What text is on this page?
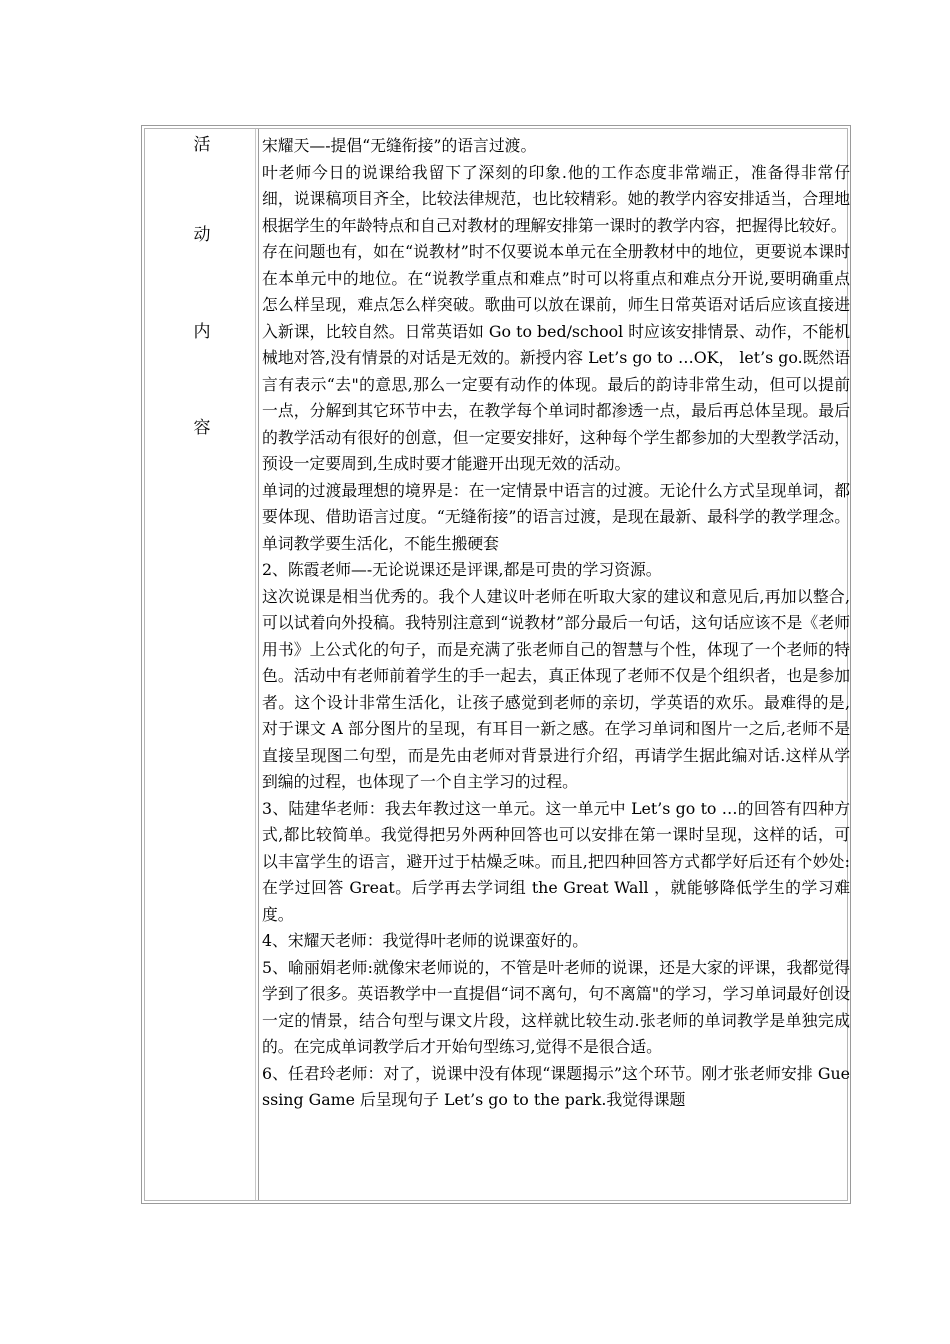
活
动
内
容

宋耀天—-提倡“无缝衔接”的语言过渡。

叶老师今日的说课给我留下了深刻的印象.他的工作态度非常端正，准备得非常仔细，说课稿项目齐全，比较法律规范，也比较精彩。她的教学内容安排适当，合理地根据学生的年龄特点和自己对教材的理解安排第一课时的教学内容，把握得比较好。

存在问题也有，如在“说教材”时不仅要说本单元在全册教材中的地位，更要说本课时在本单元中的地位。在“说教学重点和难点”时可以将重点和难点分开说,要明确重点怎么样呈现，难点怎么样突破。歌曲可以放在课前，师生日常英语对话后应该直接进入新课，比较自然。日常英语如 Go to bed/school 时应该安排情景、动作，不能机械地对答,没有情景的对话是无效的。新授内容 Let’s go to …OK， let’s go.既然语言有表示“去"的意思,那么一定要有动作的体现。最后的韵诗非常生动，但可以提前一点，分解到其它环节中去，在教学每个单词时都渗透一点，最后再总体呈现。最后的教学活动有很好的创意，但一定要安排好，这种每个学生都参加的大型教学活动，预设一定要周到,生成时要才能避开出现无效的活动。

单词的过渡最理想的境界是：在一定情景中语言的过渡。无论什么方式呈现单词，都要体现、借助语言过度。“无缝衔接”的语言过渡，是现在最新、最科学的教学理念。单词教学要生活化，不能生搬硬套

2、陈霞老师—-无论说课还是评课,都是可贵的学习资源。

这次说课是相当优秀的。我个人建议叶老师在听取大家的建议和意见后,再加以整合,可以试着向外投稿。我特别注意到“说教材”部分最后一句话，这句话应该不是《老师用书》上公式化的句子，而是充满了张老师自己的智慧与个性，体现了一个老师的特色。活动中有老师前着学生的手一起去，真正体现了老师不仅是个组织者，也是参加者。这个设计非常生活化，让孩子感觉到老师的亲切，学英语的欢乐。最难得的是,对于课文 A 部分图片的呈现，有耳目一新之感。在学习单词和图片一之后,老师不是直接呈现图二句型，而是先由老师对背景进行介绍，再请学生据此编对话.这样从学到编的过程，也体现了一个自主学习的过程。

3、陆建华老师：我去年教过这一单元。这一单元中 Let’s go to …的回答有四种方式,都比较简单。我觉得把另外两种回答也可以安排在第一课时呈现，这样的话，可以丰富学生的语言，避开过于枯燥乏味。而且,把四种回答方式都学好后还有个妙处:在学过回答 Great。后学再去学词组 the Great Wall ，就能够降低学生的学习难度。

4、宋耀天老师：我觉得叶老师的说课蛮好的。

5、喻丽娟老师:就像宋老师说的，不管是叶老师的说课，还是大家的评课，我都觉得学到了很多。英语教学中一直提倡“词不离句，句不离篇"的学习，学习单词最好创设一定的情景，结合句型与课文片段，这样就比较生动.张老师的单词教学是单独完成的。在完成单词教学后才开始句型练习,觉得不是很合适。

6、任君玲老师：对了，说课中没有体现“课题揭示”这个环节。刚才张老师安排 Guessing Game 后呈现句子 Let’s go to the park.我觉得课题
